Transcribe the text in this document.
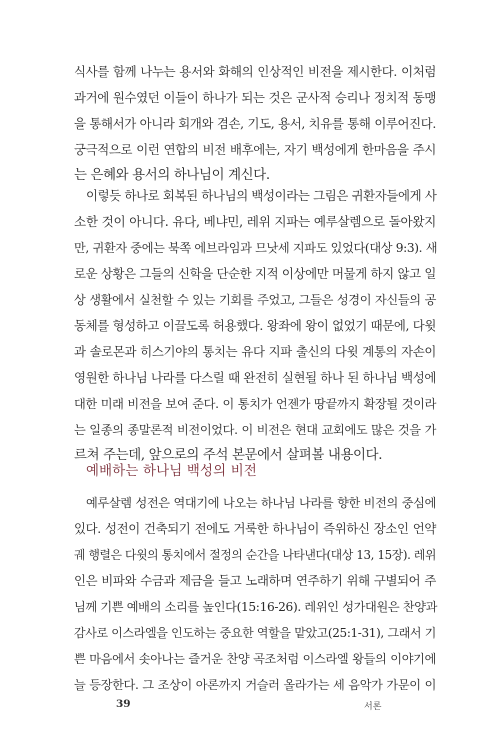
식사를 함께 나누는 용서와 화해의 인상적인 비전을 제시한다. 이처럼
과거에 원수였던 이들이 하나가 되는 것은 군사적 승리나 정치적 동맹
을 통해서가 아니라 회개와 겸손, 기도, 용서, 치유를 통해 이루어진다.
궁극적으로 이런 연합의 비전 배후에는, 자기 백성에게 한마음을 주시
는 은혜와 용서의 하나님이 계신다.
이렇듯 하나로 회복된 하나님의 백성이라는 그림은 귀환자들에게 사
소한 것이 아니다. 유다, 베냐민, 레위 지파는 예루살렘으로 돌아왔지
만, 귀환자 중에는 북쪽 에브라임과 므낫세 지파도 있었다(대상 9:3). 새
로운 상황은 그들의 신학을 단순한 지적 이상에만 머물게 하지 않고 일
상 생활에서 실천할 수 있는 기회를 주었고, 그들은 성경이 자신들의 공
동체를 형성하고 이끌도록 허용했다. 왕좌에 왕이 없었기 때문에, 다윗
과 솔로몬과 히스기야의 통치는 유다 지파 출신의 다윗 계통의 자손이
영원한 하나님 나라를 다스릴 때 완전히 실현될 하나 된 하나님 백성에
대한 미래 비전을 보여 준다. 이 통치가 언젠가 땅끝까지 확장될 것이라
는 일종의 종말론적 비전이었다. 이 비전은 현대 교회에도 많은 것을 가
르쳐 주는데, 앞으로의 주석 본문에서 살펴볼 내용이다.
예배하는 하나님 백성의 비전
예루살렘 성전은 역대기에 나오는 하나님 나라를 향한 비전의 중심에
있다. 성전이 건축되기 전에도 거룩한 하나님이 즉위하신 장소인 언약
궤 행렬은 다윗의 통치에서 절정의 순간을 나타낸다(대상 13, 15장). 레위
인은 비파와 수금과 제금을 들고 노래하며 연주하기 위해 구별되어 주
님께 기쁜 예배의 소리를 높인다(15:16-26). 레위인 성가대원은 찬양과
감사로 이스라엘을 인도하는 중요한 역할을 맡았고(25:1-31), 그래서 기
쁜 마음에서 솟아나는 즐거운 찬양 곡조처럼 이스라엘 왕들의 이야기에
늘 등장한다. 그 조상이 아론까지 거슬러 올라가는 세 음악가 가문이 이
39	서론
